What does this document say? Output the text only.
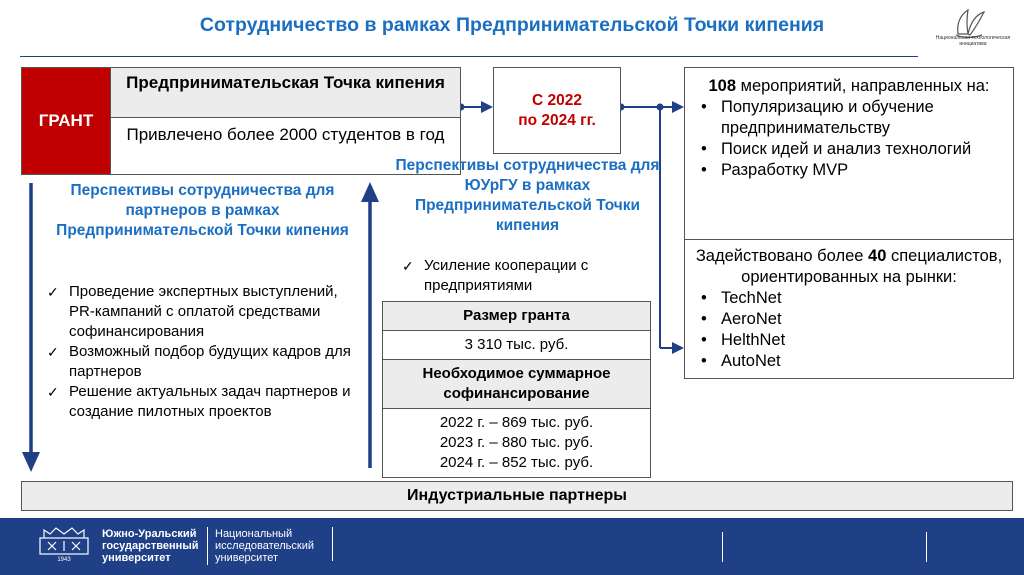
Сотрудничество в рамках Предпринимательской Точки кипения
Национальная технологическая инициатива
ГРАНТ
Предпринимательская Точка кипения
Привлечено более 2000 студентов в год
С 2022
по 2024 гг.
108 мероприятий, направленных на:
• Популяризацию и обучение предпринимательству
• Поиск идей и анализ технологий
• Разработку MVP
Задействовано более 40 специалистов, ориентированных на рынки:
• TechNet
• AeroNet
• HelthNet
• AutoNet
Перспективы сотрудничества для партнеров в рамках Предпринимательской Точки кипения
✓ Проведение экспертных выступлений, PR-кампаний с оплатой средствами софинансирования
✓ Возможный подбор будущих кадров для партнеров
✓ Решение актуальных задач партнеров и создание пилотных проектов
Перспективы сотрудничества для ЮУрГУ в рамках Предпринимательской Точки кипения
✓ Усиление кооперации с предприятиями
Размер гранта
3 310 тыс. руб.
Необходимое суммарное софинансирование
2022 г. – 869 тыс. руб.
2023 г. – 880 тыс. руб.
2024 г. – 852 тыс. руб.
Индустриальные партнеры
1943
Южно-Уральский
государственный
университет
Национальный
исследовательский
университет
